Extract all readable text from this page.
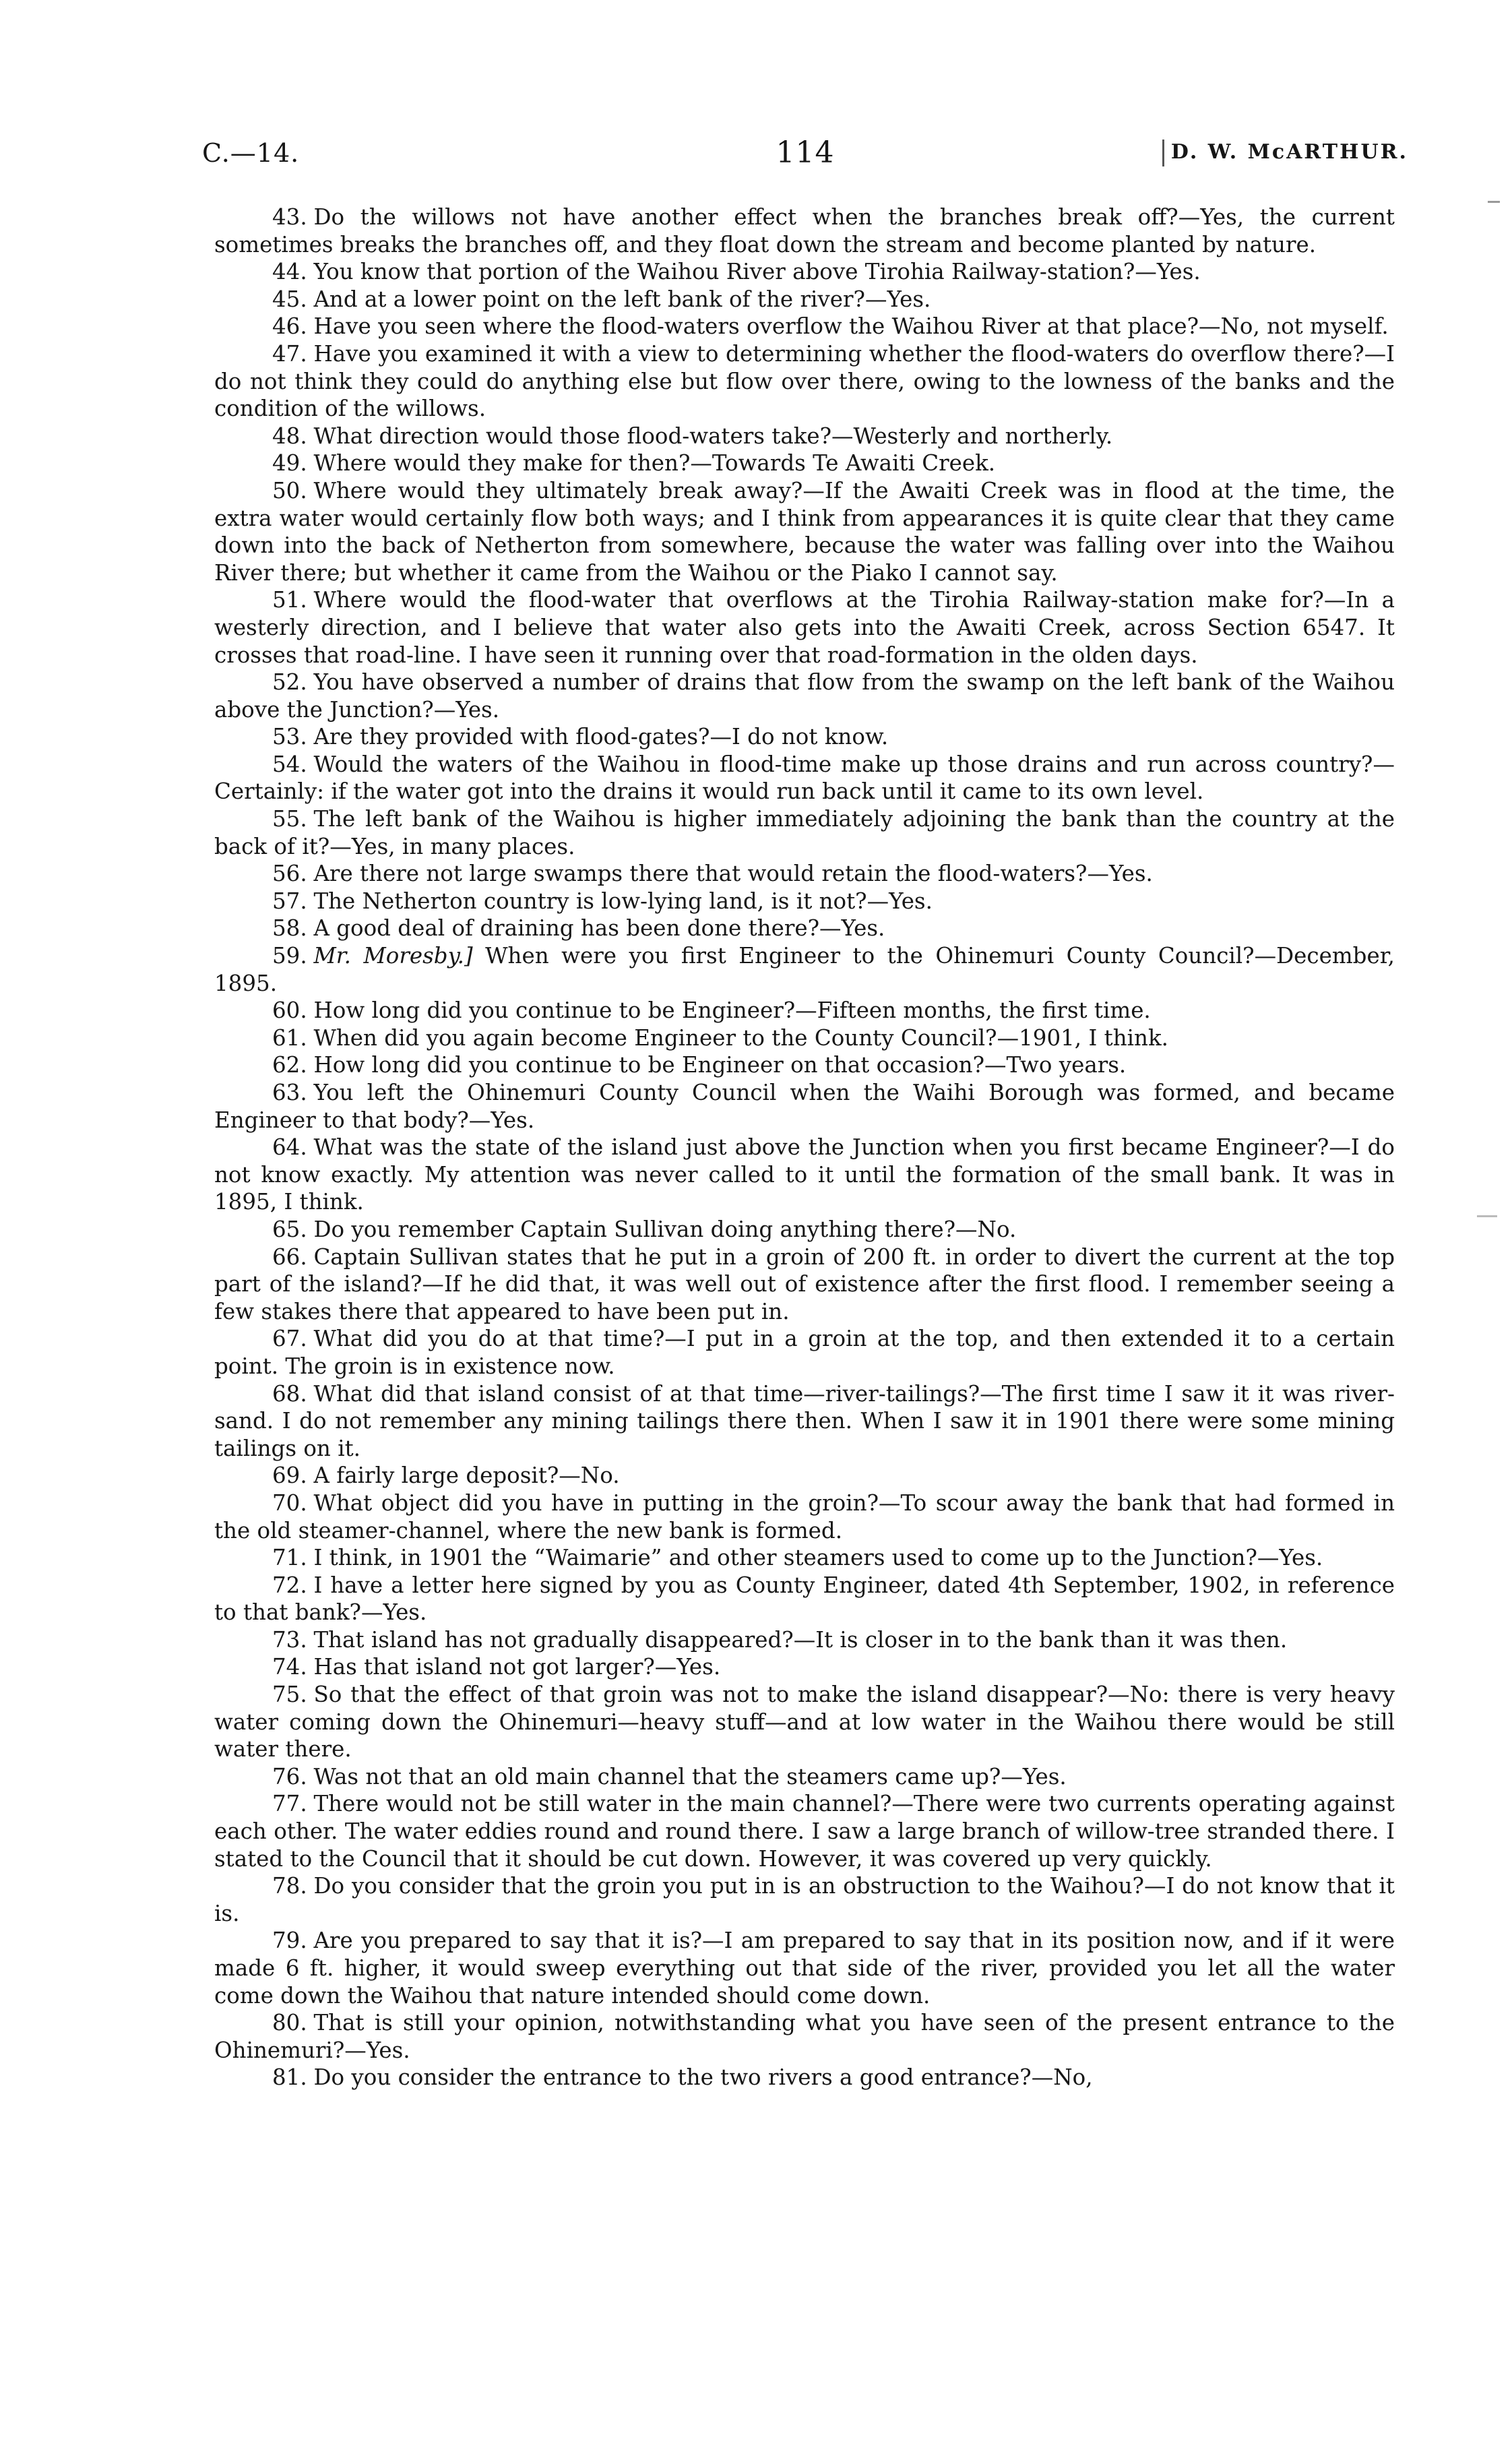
C.—14.	114	D. W. McARTHUR.

43. Do the willows not have another effect when the branches break off?—Yes, the current sometimes breaks the branches off, and they float down the stream and become planted by nature.

44. You know that portion of the Waihou River above Tirohia Railway-station?—Yes.

45. And at a lower point on the left bank of the river?—Yes.

46. Have you seen where the flood-waters overflow the Waihou River at that place?—No, not myself.

47. Have you examined it with a view to determining whether the flood-waters do overflow there?—I do not think they could do anything else but flow over there, owing to the lowness of the banks and the condition of the willows.

48. What direction would those flood-waters take?—Westerly and northerly.

49. Where would they make for then?—Towards Te Awaiti Creek.

50. Where would they ultimately break away?—If the Awaiti Creek was in flood at the time, the extra water would certainly flow both ways; and I think from appearances it is quite clear that they came down into the back of Netherton from somewhere, because the water was falling over into the Waihou River there; but whether it came from the Waihou or the Piako I cannot say.

51. Where would the flood-water that overflows at the Tirohia Railway-station make for?—In a westerly direction, and I believe that water also gets into the Awaiti Creek, across Section 6547. It crosses that road-line. I have seen it running over that road-formation in the olden days.

52. You have observed a number of drains that flow from the swamp on the left bank of the Waihou above the Junction?—Yes.

53. Are they provided with flood-gates?—I do not know.

54. Would the waters of the Waihou in flood-time make up those drains and run across country?—Certainly: if the water got into the drains it would run back until it came to its own level.

55. The left bank of the Waihou is higher immediately adjoining the bank than the country at the back of it?—Yes, in many places.

56. Are there not large swamps there that would retain the flood-waters?—Yes.

57. The Netherton country is low-lying land, is it not?—Yes.

58. A good deal of draining has been done there?—Yes.

59. Mr. Moresby.] When were you first Engineer to the Ohinemuri County Council?—December, 1895.

60. How long did you continue to be Engineer?—Fifteen months, the first time.

61. When did you again become Engineer to the County Council?—1901, I think.

62. How long did you continue to be Engineer on that occasion?—Two years.

63. You left the Ohinemuri County Council when the Waihi Borough was formed, and became Engineer to that body?—Yes.

64. What was the state of the island just above the Junction when you first became Engineer?—I do not know exactly. My attention was never called to it until the formation of the small bank. It was in 1895, I think.

65. Do you remember Captain Sullivan doing anything there?—No.

66. Captain Sullivan states that he put in a groin of 200 ft. in order to divert the current at the top part of the island?—If he did that, it was well out of existence after the first flood. I remember seeing a few stakes there that appeared to have been put in.

67. What did you do at that time?—I put in a groin at the top, and then extended it to a certain point. The groin is in existence now.

68. What did that island consist of at that time—river-tailings?—The first time I saw it it was river-sand. I do not remember any mining tailings there then. When I saw it in 1901 there were some mining tailings on it.

69. A fairly large deposit?—No.

70. What object did you have in putting in the groin?—To scour away the bank that had formed in the old steamer-channel, where the new bank is formed.

71. I think, in 1901 the “Waimarie” and other steamers used to come up to the Junction?—Yes.

72. I have a letter here signed by you as County Engineer, dated 4th September, 1902, in reference to that bank?—Yes.

73. That island has not gradually disappeared?—It is closer in to the bank than it was then.

74. Has that island not got larger?—Yes.

75. So that the effect of that groin was not to make the island disappear?—No: there is very heavy water coming down the Ohinemuri—heavy stuff—and at low water in the Waihou there would be still water there.

76. Was not that an old main channel that the steamers came up?—Yes.

77. There would not be still water in the main channel?—There were two currents operating against each other. The water eddies round and round there. I saw a large branch of willow-tree stranded there. I stated to the Council that it should be cut down. However, it was covered up very quickly.

78. Do you consider that the groin you put in is an obstruction to the Waihou?—I do not know that it is.

79. Are you prepared to say that it is?—I am prepared to say that in its position now, and if it were made 6 ft. higher, it would sweep everything out that side of the river, provided you let all the water come down the Waihou that nature intended should come down.

80. That is still your opinion, notwithstanding what you have seen of the present entrance to the Ohinemuri?—Yes.

81. Do you consider the entrance to the two rivers a good entrance?—No,
